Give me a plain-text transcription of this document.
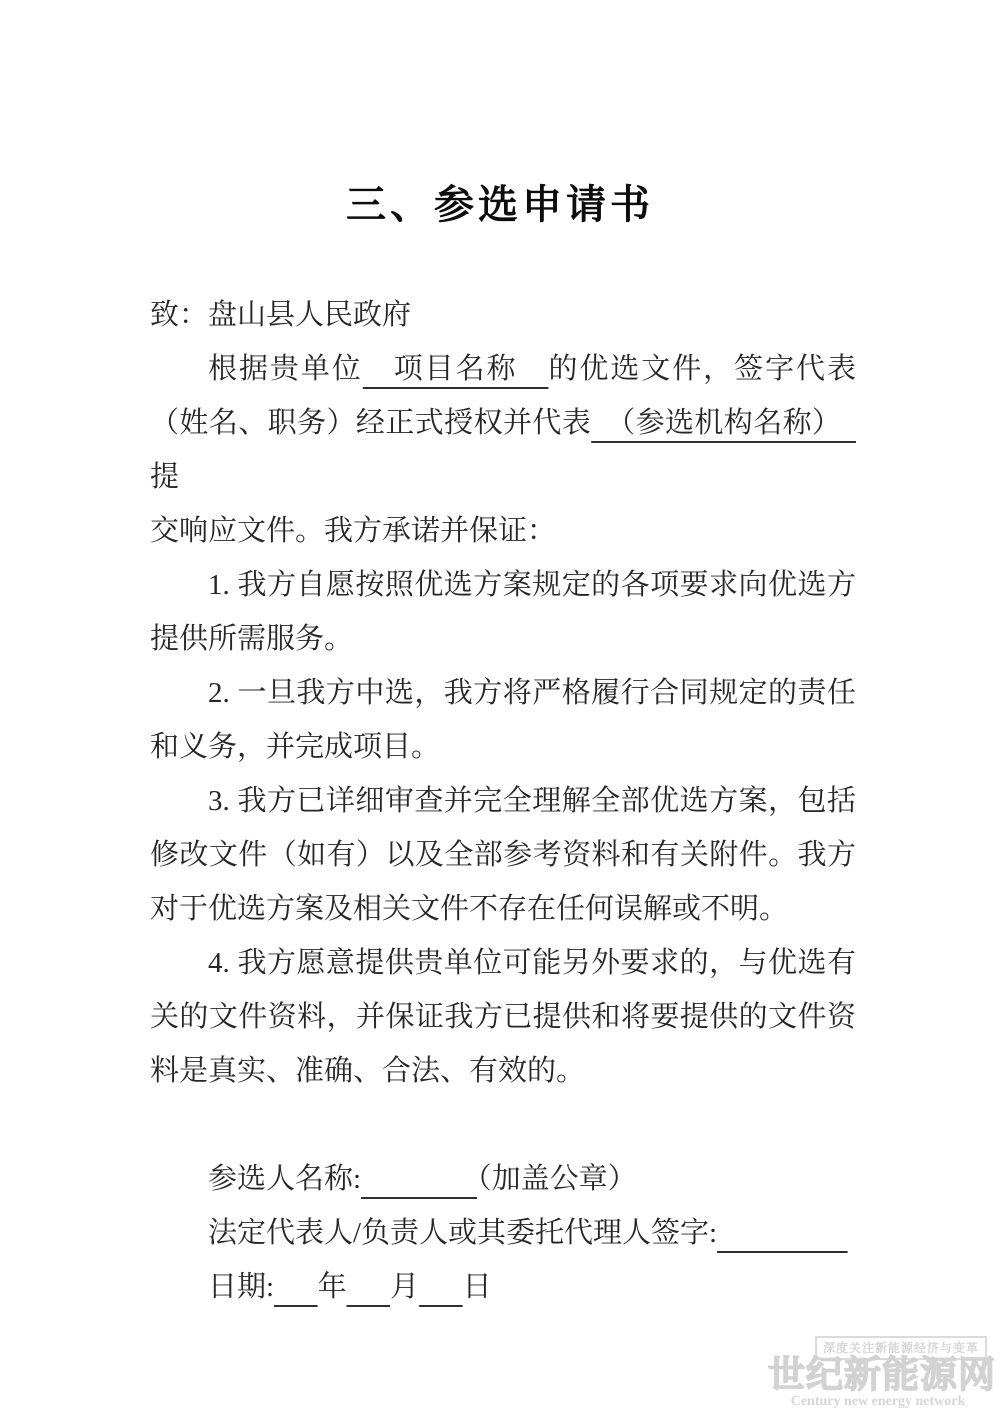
三、参选申请书
致：盘山县人民政府
根据贵单位　项目名称　的优选文件，签字代表
（姓名、职务）经正式授权并代表 （参选机构名称） 提
交响应文件。我方承诺并保证：
1. 我方自愿按照优选方案规定的各项要求向优选方
提供所需服务。
2. 一旦我方中选，我方将严格履行合同规定的责任
和义务，并完成项目。
3. 我方已详细审查并完全理解全部优选方案，包括
修改文件（如有）以及全部参考资料和有关附件。我方
对于优选方案及相关文件不存在任何误解或不明。
4. 我方愿意提供贵单位可能另外要求的，与优选有
关的文件资料，并保证我方已提供和将要提供的文件资
料是真实、准确、合法、有效的。

参选人名称:　　　　	（加盖公章）
法定代表人/负责人或其委托代理人签字:　　　　 
日期:　  年　  月　  日
深度关注新能源经济与变革
世纪新能源网
Century new energy network
